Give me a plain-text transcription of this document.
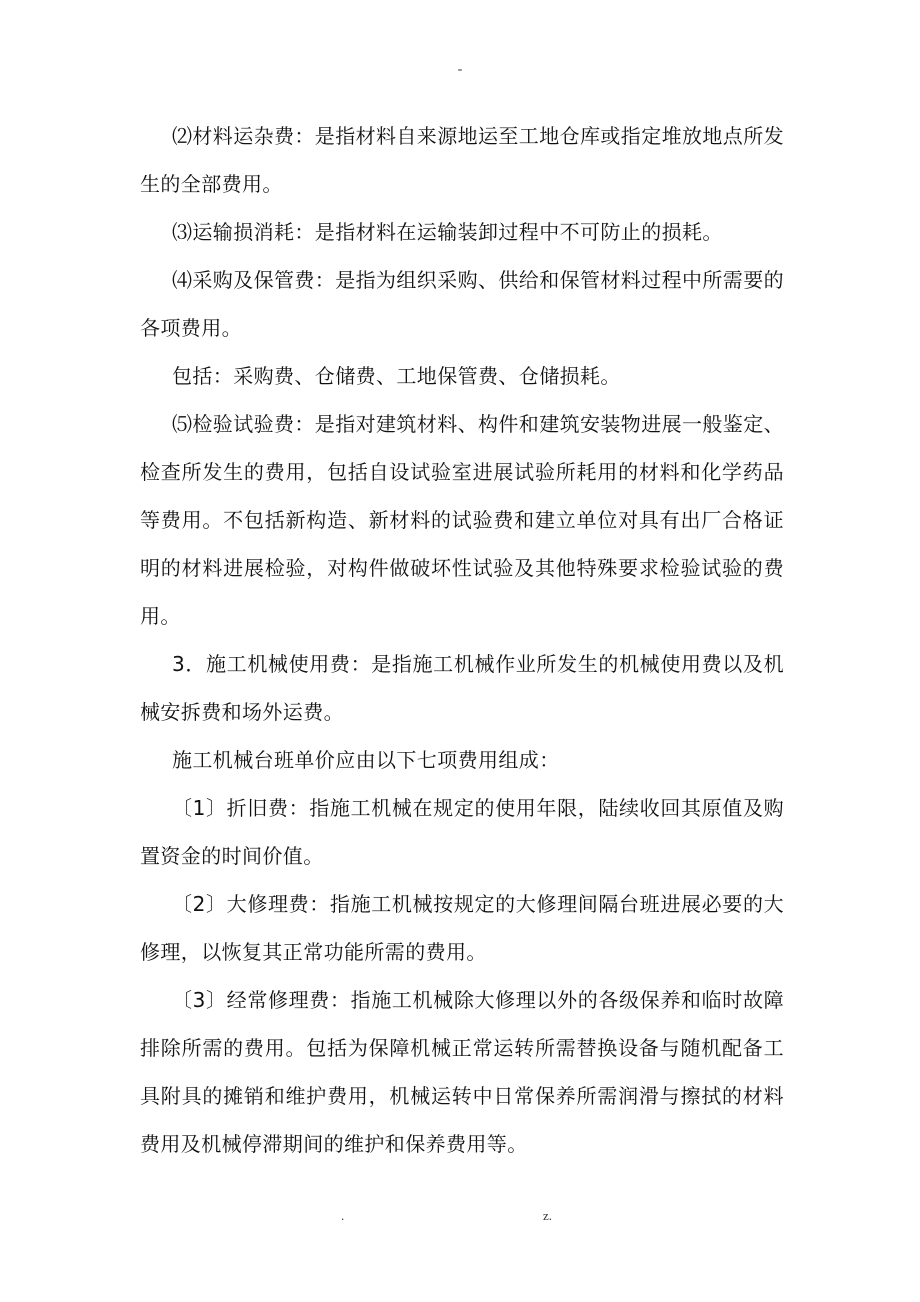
-

⑵材料运杂费：是指材料自来源地运至工地仓库或指定堆放地点所发生的全部费用。

⑶运输损消耗：是指材料在运输装卸过程中不可防止的损耗。

⑷采购及保管费：是指为组织采购、供给和保管材料过程中所需要的各项费用。

包括：采购费、仓储费、工地保管费、仓储损耗。

⑸检验试验费：是指对建筑材料、构件和建筑安装物进展一般鉴定、检查所发生的费用，包括自设试验室进展试验所耗用的材料和化学药品等费用。不包括新构造、新材料的试验费和建立单位对具有出厂合格证明的材料进展检验，对构件做破坏性试验及其他特殊要求检验试验的费用。

3．施工机械使用费：是指施工机械作业所发生的机械使用费以及机械安拆费和场外运费。

施工机械台班单价应由以下七项费用组成：

〔1〕折旧费：指施工机械在规定的使用年限，陆续收回其原值及购置资金的时间价值。

〔2〕大修理费：指施工机械按规定的大修理间隔台班进展必要的大修理，以恢复其正常功能所需的费用。

〔3〕经常修理费：指施工机械除大修理以外的各级保养和临时故障排除所需的费用。包括为保障机械正常运转所需替换设备与随机配备工具附具的摊销和维护费用，机械运转中日常保养所需润滑与擦拭的材料费用及机械停滞期间的维护和保养费用等。

.	z.
